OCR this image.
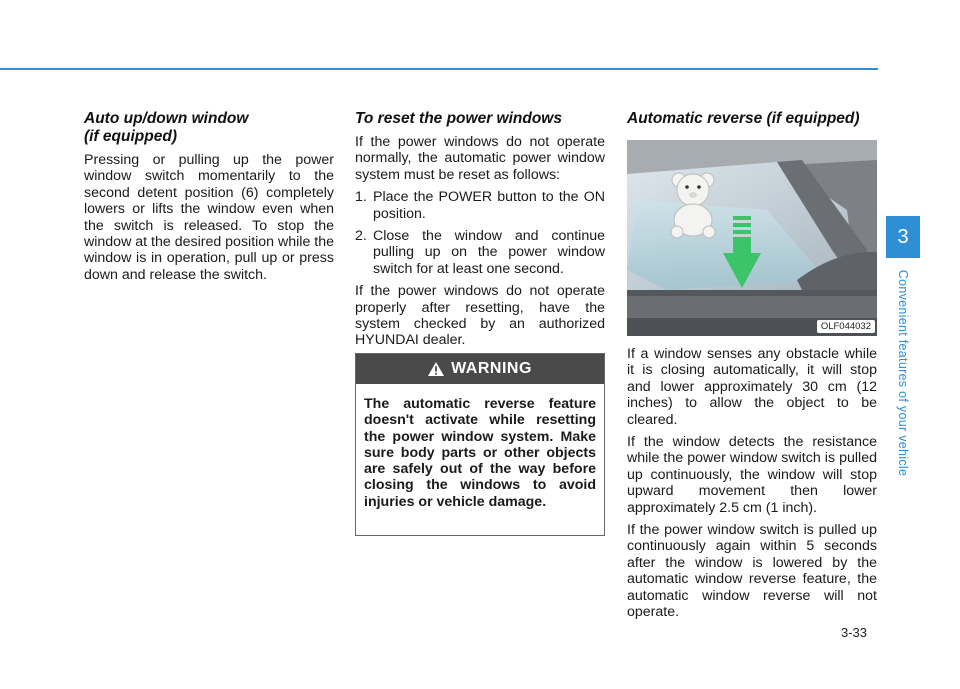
Auto up/down window
(if equipped)

Pressing or pulling up the power window switch momentarily to the second detent position (6) completely lowers or lifts the window even when the switch is released. To stop the window at the desired position while the window is in operation, pull up or press down and release the switch.

To reset the power windows

If the power windows do not operate normally, the automatic power window system must be reset as follows:

1. Place the POWER button to the ON position.
2. Close the window and continue pulling up on the power window switch for at least one second.

If the power windows do not operate properly after resetting, have the system checked by an authorized HYUNDAI dealer.

WARNING
The automatic reverse feature doesn't activate while resetting the power window system. Make sure body parts or other objects are safely out of the way before closing the windows to avoid injuries or vehicle damage.
Automatic reverse (if equipped)
OLF044032

If a window senses any obstacle while it is closing automatically, it will stop and lower approximately 30 cm (12 inches) to allow the object to be cleared.

If the window detects the resistance while the power window switch is pulled up continuously, the window will stop upward movement then lower approximately 2.5 cm (1 inch).

If the power window switch is pulled up continuously again within 5 seconds after the window is lowered by the automatic window reverse feature, the automatic window reverse will not operate.

3
Convenient features of your vehicle
3-33
